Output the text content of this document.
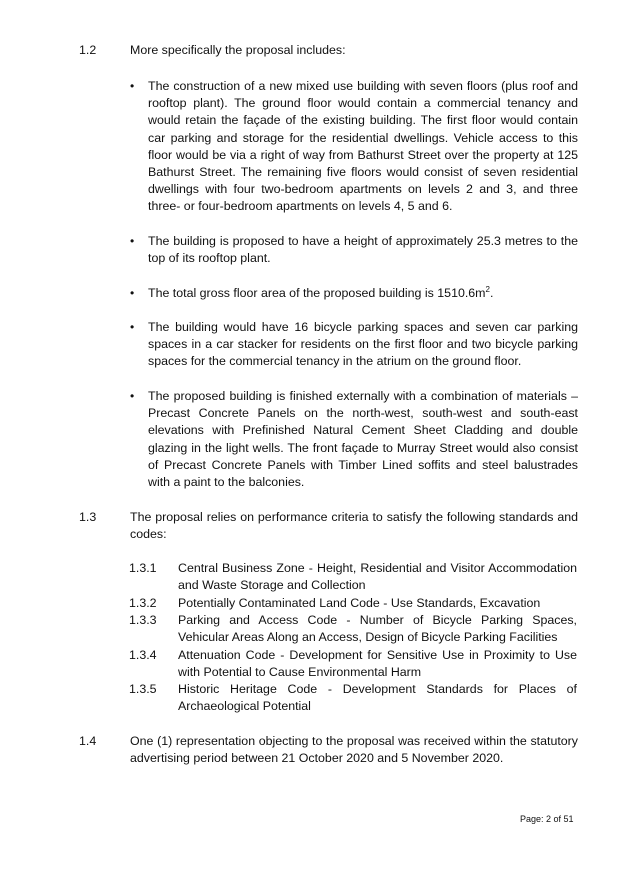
1.2	More specifically the proposal includes:
• The construction of a new mixed use building with seven floors (plus roof and rooftop plant). The ground floor would contain a commercial tenancy and would retain the façade of the existing building. The first floor would contain car parking and storage for the residential dwellings. Vehicle access to this floor would be via a right of way from Bathurst Street over the property at 125 Bathurst Street. The remaining five floors would consist of seven residential dwellings with four two-bedroom apartments on levels 2 and 3, and three three- or four-bedroom apartments on levels 4, 5 and 6.
• The building is proposed to have a height of approximately 25.3 metres to the top of its rooftop plant.
• The total gross floor area of the proposed building is $1510.6m^2$.
• The building would have 16 bicycle parking spaces and seven car parking spaces in a car stacker for residents on the first floor and two bicycle parking spaces for the commercial tenancy in the atrium on the ground floor.
• The proposed building is finished externally with a combination of materials – Precast Concrete Panels on the north-west, south-west and south-east elevations with Prefinished Natural Cement Sheet Cladding and double glazing in the light wells. The front façade to Murray Street would also consist of Precast Concrete Panels with Timber Lined soffits and steel balustrades with a paint to the balconies.
1.3	The proposal relies on performance criteria to satisfy the following standards and codes:
1.3.1 Central Business Zone - Height, Residential and Visitor Accommodation and Waste Storage and Collection
1.3.2 Potentially Contaminated Land Code - Use Standards, Excavation
1.3.3 Parking and Access Code - Number of Bicycle Parking Spaces, Vehicular Areas Along an Access, Design of Bicycle Parking Facilities
1.3.4 Attenuation Code - Development for Sensitive Use in Proximity to Use with Potential to Cause Environmental Harm
1.3.5 Historic Heritage Code - Development Standards for Places of Archaeological Potential
1.4	One (1) representation objecting to the proposal was received within the statutory advertising period between 21 October 2020 and 5 November 2020.
Page: 2 of 51
